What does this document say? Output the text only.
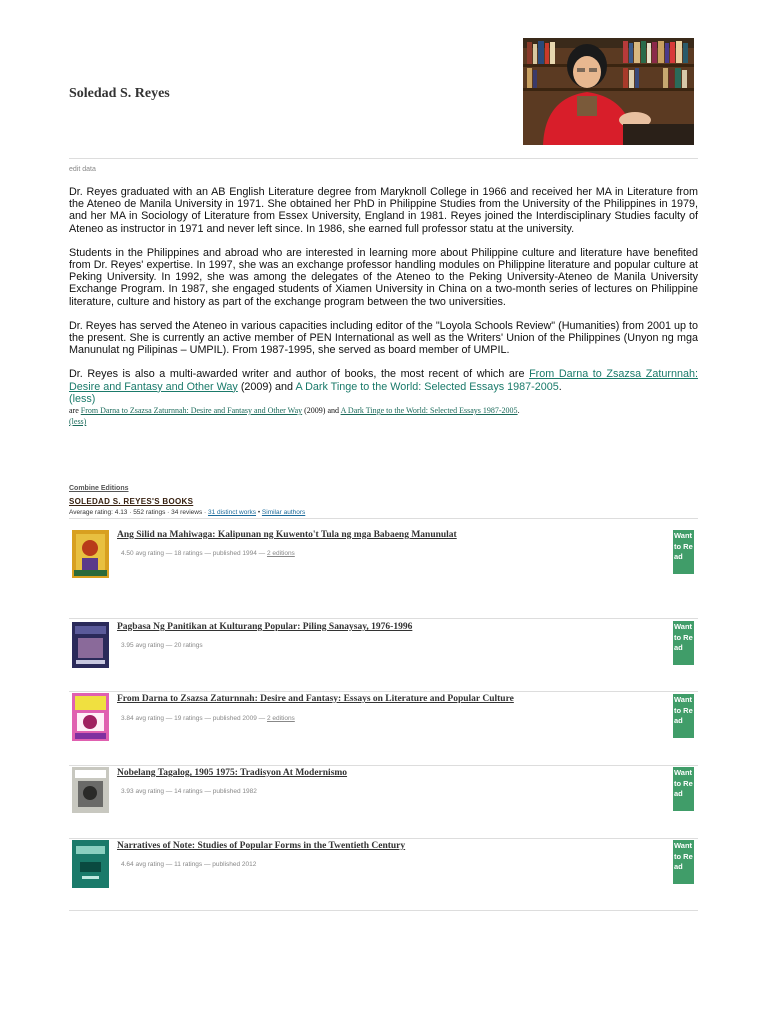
Soledad S. Reyes
edit data

Dr. Reyes graduated with an AB English Literature degree from Maryknoll College in 1966 and received her MA in Literature from the Ateneo de Manila University in 1971. She obtained her PhD in Philippine Studies from the University of the Philippines in 1979, and her MA in Sociology of Literature from Essex University, England in 1981. Reyes joined the Interdisciplinary Studies faculty of Ateneo as instructor in 1971 and never left since. In 1986, she earned full professor statu at the university.

Students in the Philippines and abroad who are interested in learning more about Philippine culture and literature have benefited from Dr. Reyes' expertise. In 1997, she was an exchange professor handling modules on Philippine literature and popular culture at Peking University. In 1992, she was among the delegates of the Ateneo to the Peking University-Ateneo de Manila University Exchange Program. In 1987, she engaged students of Xiamen University in China on a two-month series of lectures on Philippine literature, culture and history as part of the exchange program between the two universities.

Dr. Reyes has served the Ateneo in various capacities including editor of the "Loyola Schools Review" (Humanities) from 2001 up to the present. She is currently an active member of PEN International as well as the Writers' Union of the Philippines (Unyon ng mga Manunulat ng Pilipinas – UMPIL). From 1987-1995, she served as board member of UMPIL.

Dr. Reyes is also a multi-awarded writer and author of books, the most recent of which are From Darna to Zsazsa Zaturnnah: Desire and Fantasy and Other Way (2009) and A Dark Tinge to the World: Selected Essays 1987-2005.
(less)

are From Darna to Zsazsa Zaturnnah: Desire and Fantasy and Other Way (2009) and A Dark Tinge to the World: Selected Essays 1987-2005.
(less)
Combine Editions
SOLEDAD S. REYES'S BOOKS
Average rating: 4.13 · 552 ratings · 34 reviews · 31 distinct works • Similar authors
Ang Silid na Mahiwaga: Kalipunan ng Kuwento't Tula ng mga Babaeng Manunulat
4.50 avg rating — 18 ratings — published 1994 — 2 editions
Want to Read
Pagbasa Ng Panitikan at Kulturang Popular: Piling Sanaysay, 1976-1996
3.95 avg rating — 20 ratings
Want to Read
From Darna to Zsazsa Zaturnnah: Desire and Fantasy: Essays on Literature and Popular Culture
3.84 avg rating — 19 ratings — published 2009 — 2 editions
Want to Read
Nobelang Tagalog, 1905 1975: Tradisyon At Modernismo
3.93 avg rating — 14 ratings — published 1982
Want to Read
Narratives of Note: Studies of Popular Forms in the Twentieth Century
4.64 avg rating — 11 ratings — published 2012
Want to Read
